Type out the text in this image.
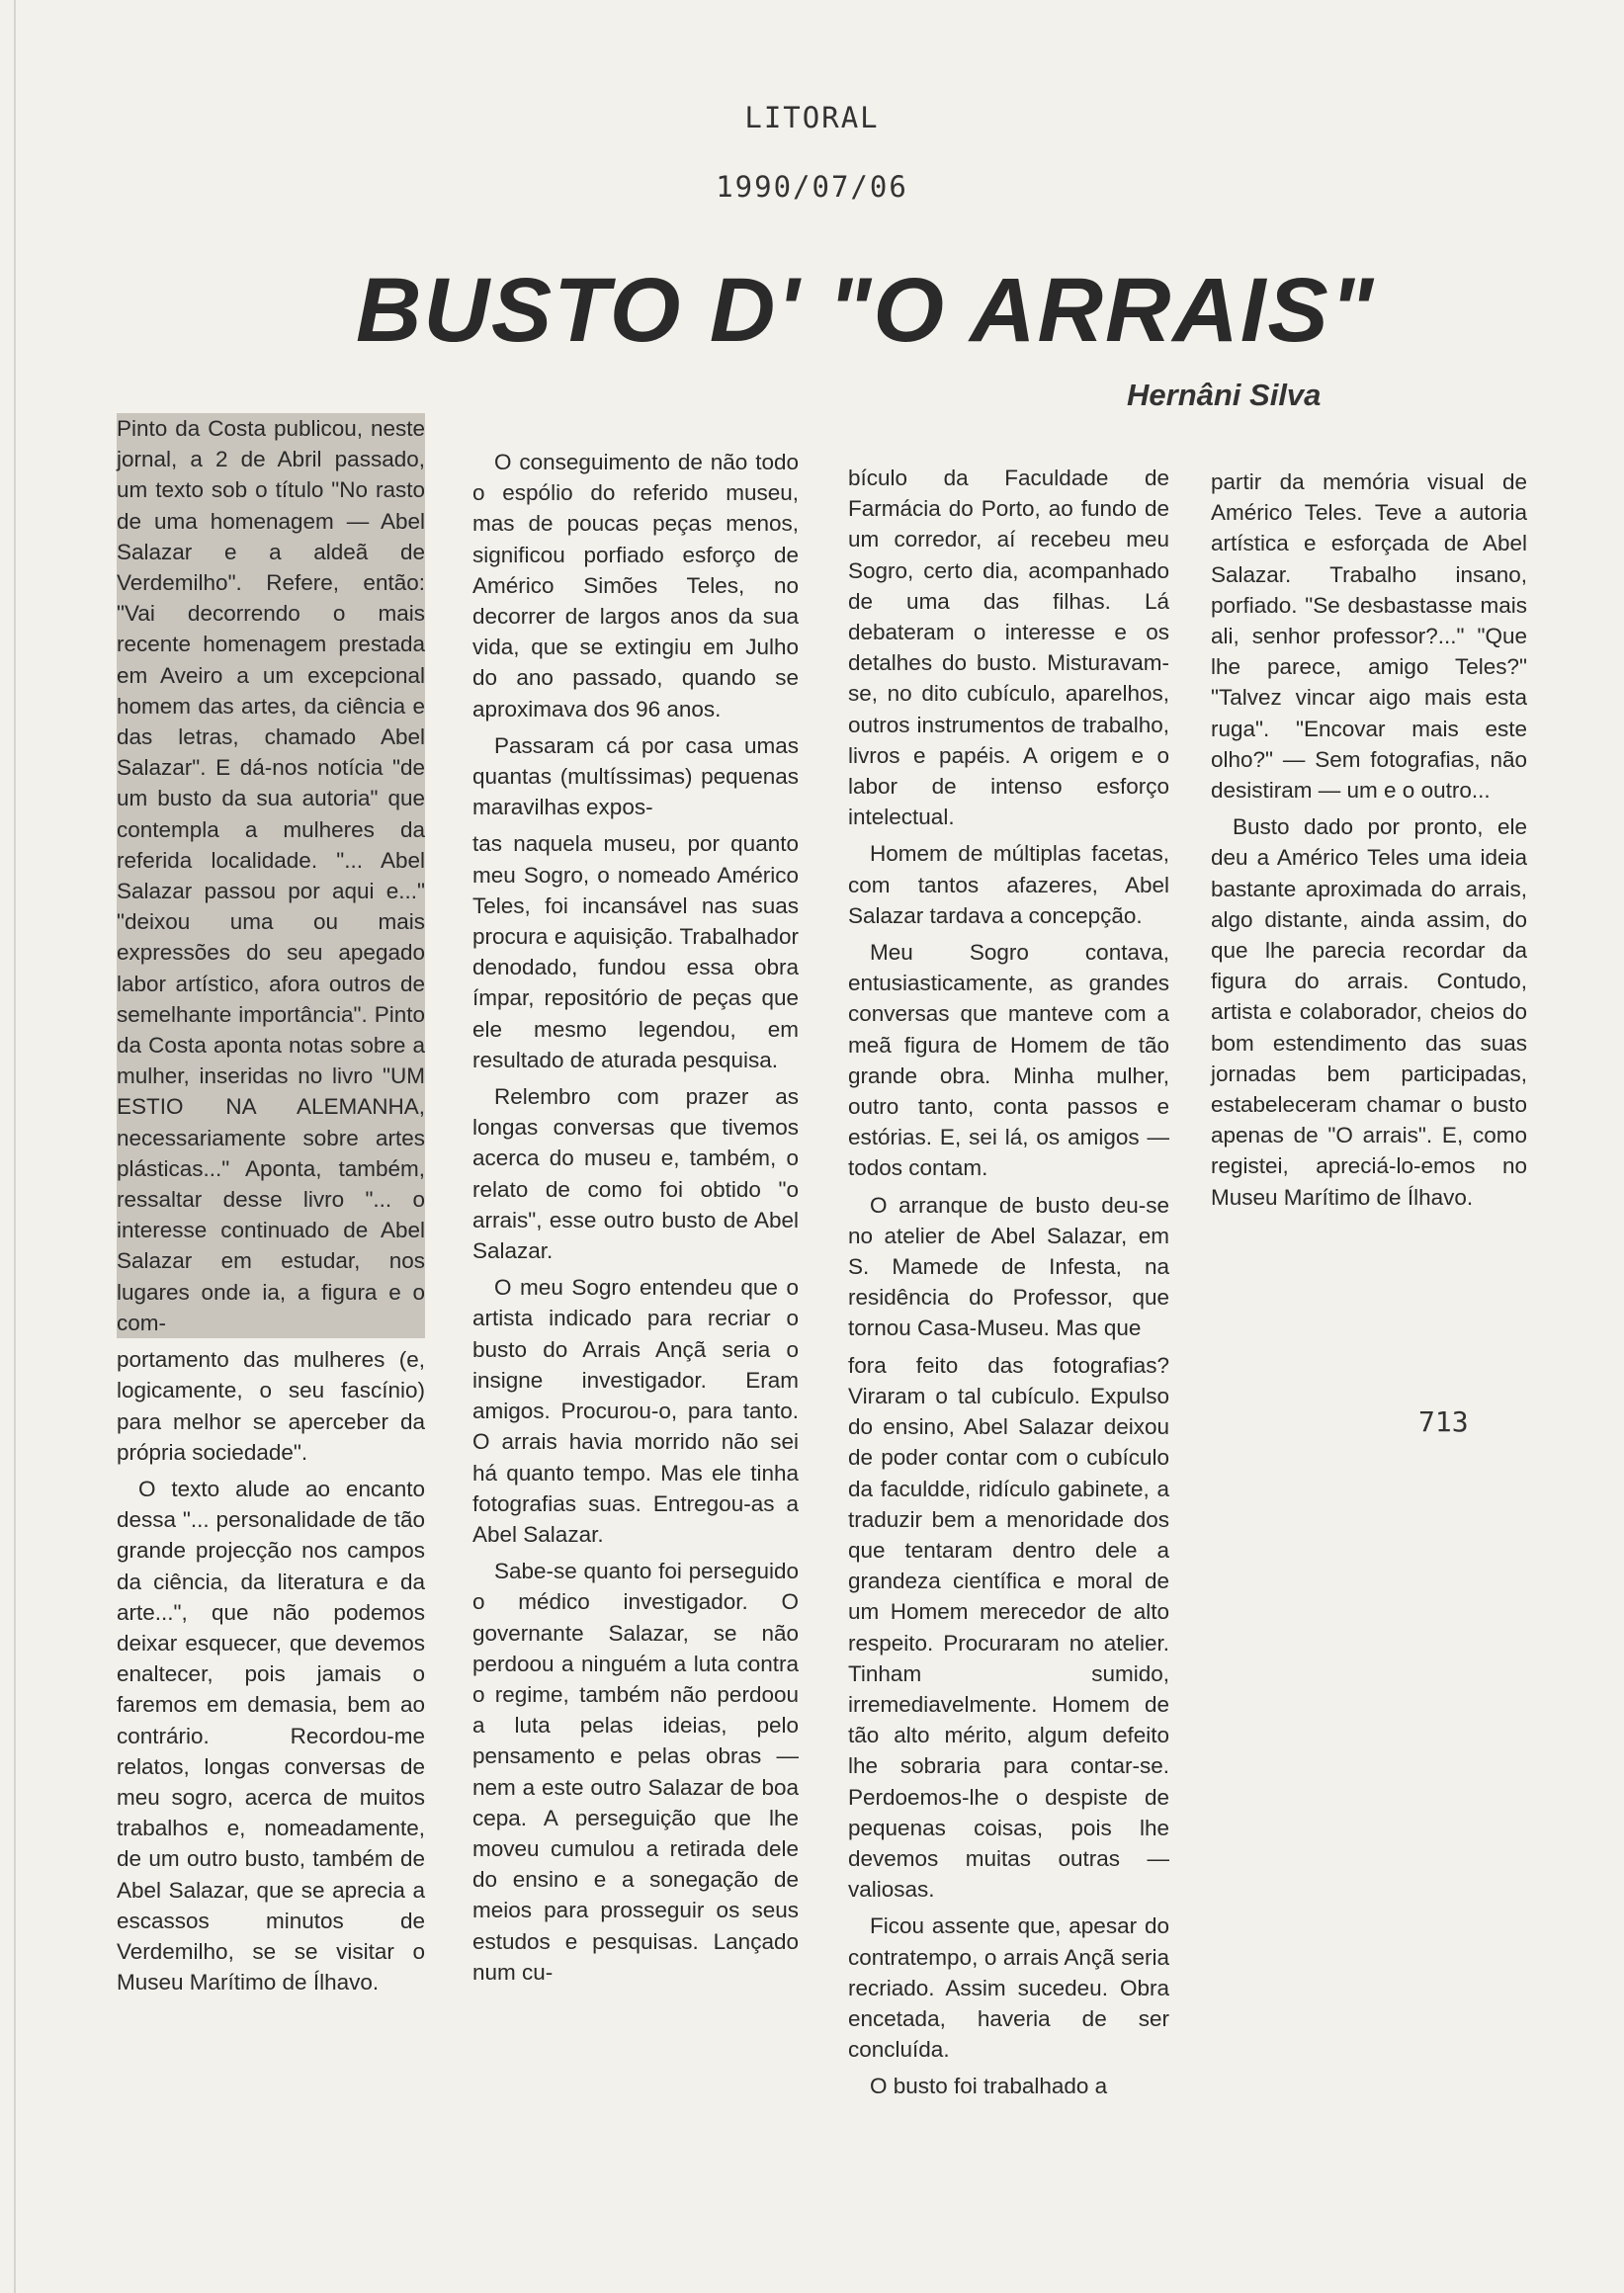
LITORAL
1990/07/06
BUSTO D' "O ARRAIS"
Hernâni Silva

Pinto da Costa publicou, neste jornal, a 2 de Abril passado, um texto sob o título "No rasto de uma homenagem — Abel Salazar e a aldeã de Verdemilho". Refere, então: "Vai decorrendo o mais recente homenagem prestada em Aveiro a um excepcional homem das artes, da ciência e das letras, chamado Abel Salazar". E dá-nos notícia "de um busto da sua autoria" que contempla a mulheres da referida localidade. "... Abel Salazar passou por aqui e..." "deixou uma ou mais expressões do seu apegado labor artístico, afora outros de semelhante importância". Pinto da Costa aponta notas sobre a mulher, inseridas no livro "UM ESTIO NA ALEMANHA, necessariamente sobre artes plásticas..." Aponta, também, ressaltar desse livro "... o interesse continuado de Abel Salazar em estudar, nos lugares onde ia, a figura e o com-

portamento das mulheres (e, logicamente, o seu fascínio) para melhor se aperceber da própria sociedade".

O texto alude ao encanto dessa "... personalidade de tão grande projecção nos campos da ciência, da literatura e da arte...", que não podemos deixar esquecer, que devemos enaltecer, pois jamais o faremos em demasia, bem ao contrário. Recordou-me relatos, longas conversas de meu sogro, acerca de muitos trabalhos e, nomeadamente, de um outro busto, também de Abel Salazar, que se aprecia a escassos minutos de Verdemilho, se se visitar o Museu Marítimo de Ílhavo.

O conseguimento de não todo o espólio do referido museu, mas de poucas peças menos, significou porfiado esforço de Américo Simões Teles, no decorrer de largos anos da sua vida, que se extingiu em Julho do ano passado, quando se aproximava dos 96 anos.

Passaram cá por casa umas quantas (multíssimas) pequenas maravilhas expos-

tas naquela museu, por quanto meu Sogro, o nomeado Américo Teles, foi incansável nas suas procura e aquisição. Trabalhador denodado, fundou essa obra ímpar, repositório de peças que ele mesmo legendou, em resultado de aturada pesquisa.

Relembro com prazer as longas conversas que tivemos acerca do museu e, também, o relato de como foi obtido "o arrais", esse outro busto de Abel Salazar.

O meu Sogro entendeu que o artista indicado para recriar o busto do Arrais Ançã seria o insigne investigador. Eram amigos. Procurou-o, para tanto. O arrais havia morrido não sei há quanto tempo. Mas ele tinha fotografias suas. Entregou-as a Abel Salazar.

Sabe-se quanto foi perseguido o médico investigador. O governante Salazar, se não perdoou a ninguém a luta contra o regime, também não perdoou a luta pelas ideias, pelo pensamento e pelas obras — nem a este outro Salazar de boa cepa. A perseguição que lhe moveu cumulou a retirada dele do ensino e a sonegação de meios para prosseguir os seus estudos e pesquisas. Lançado num cu-

bículo da Faculdade de Farmácia do Porto, ao fundo de um corredor, aí recebeu meu Sogro, certo dia, acompanhado de uma das filhas. Lá debateram o interesse e os detalhes do busto. Misturavam-se, no dito cubículo, aparelhos, outros instrumentos de trabalho, livros e papéis. A origem e o labor de intenso esforço intelectual.

Homem de múltiplas facetas, com tantos afazeres, Abel Salazar tardava a concepção.

Meu Sogro contava, entusiasticamente, as grandes conversas que manteve com a meã figura de Homem de tão grande obra. Minha mulher, outro tanto, conta passos e estórias. E, sei lá, os amigos — todos contam.

O arranque de busto deu-se no atelier de Abel Salazar, em S. Mamede de Infesta, na residência do Professor, que tornou Casa-Museu. Mas que

fora feito das fotografias? Viraram o tal cubículo. Expulso do ensino, Abel Salazar deixou de poder contar com o cubículo da faculdde, ridículo gabinete, a traduzir bem a menoridade dos que tentaram dentro dele a grandeza científica e moral de um Homem merecedor de alto respeito. Procuraram no atelier. Tinham sumido, irremediavelmente. Homem de tão alto mérito, algum defeito lhe sobraria para contar-se. Perdoemos-lhe o despiste de pequenas coisas, pois lhe devemos muitas outras — valiosas.

Ficou assente que, apesar do contratempo, o arrais Ançã seria recriado. Assim sucedeu. Obra encetada, haveria de ser concluída.

O busto foi trabalhado a

partir da memória visual de Américo Teles. Teve a autoria artística e esforçada de Abel Salazar. Trabalho insano, porfiado. "Se desbastasse mais ali, senhor professor?..." "Que lhe parece, amigo Teles?" "Talvez vincar aigo mais esta ruga". "Encovar mais este olho?" — Sem fotografias, não desistiram — um e o outro...

Busto dado por pronto, ele deu a Américo Teles uma ideia bastante aproximada do arrais, algo distante, ainda assim, do que lhe parecia recordar da figura do arrais. Contudo, artista e colaborador, cheios do bom estendimento das suas jornadas bem participadas, estabeleceram chamar o busto apenas de "O arrais". E, como registei, apreciá-lo-emos no Museu Marítimo de Ílhavo.

713
